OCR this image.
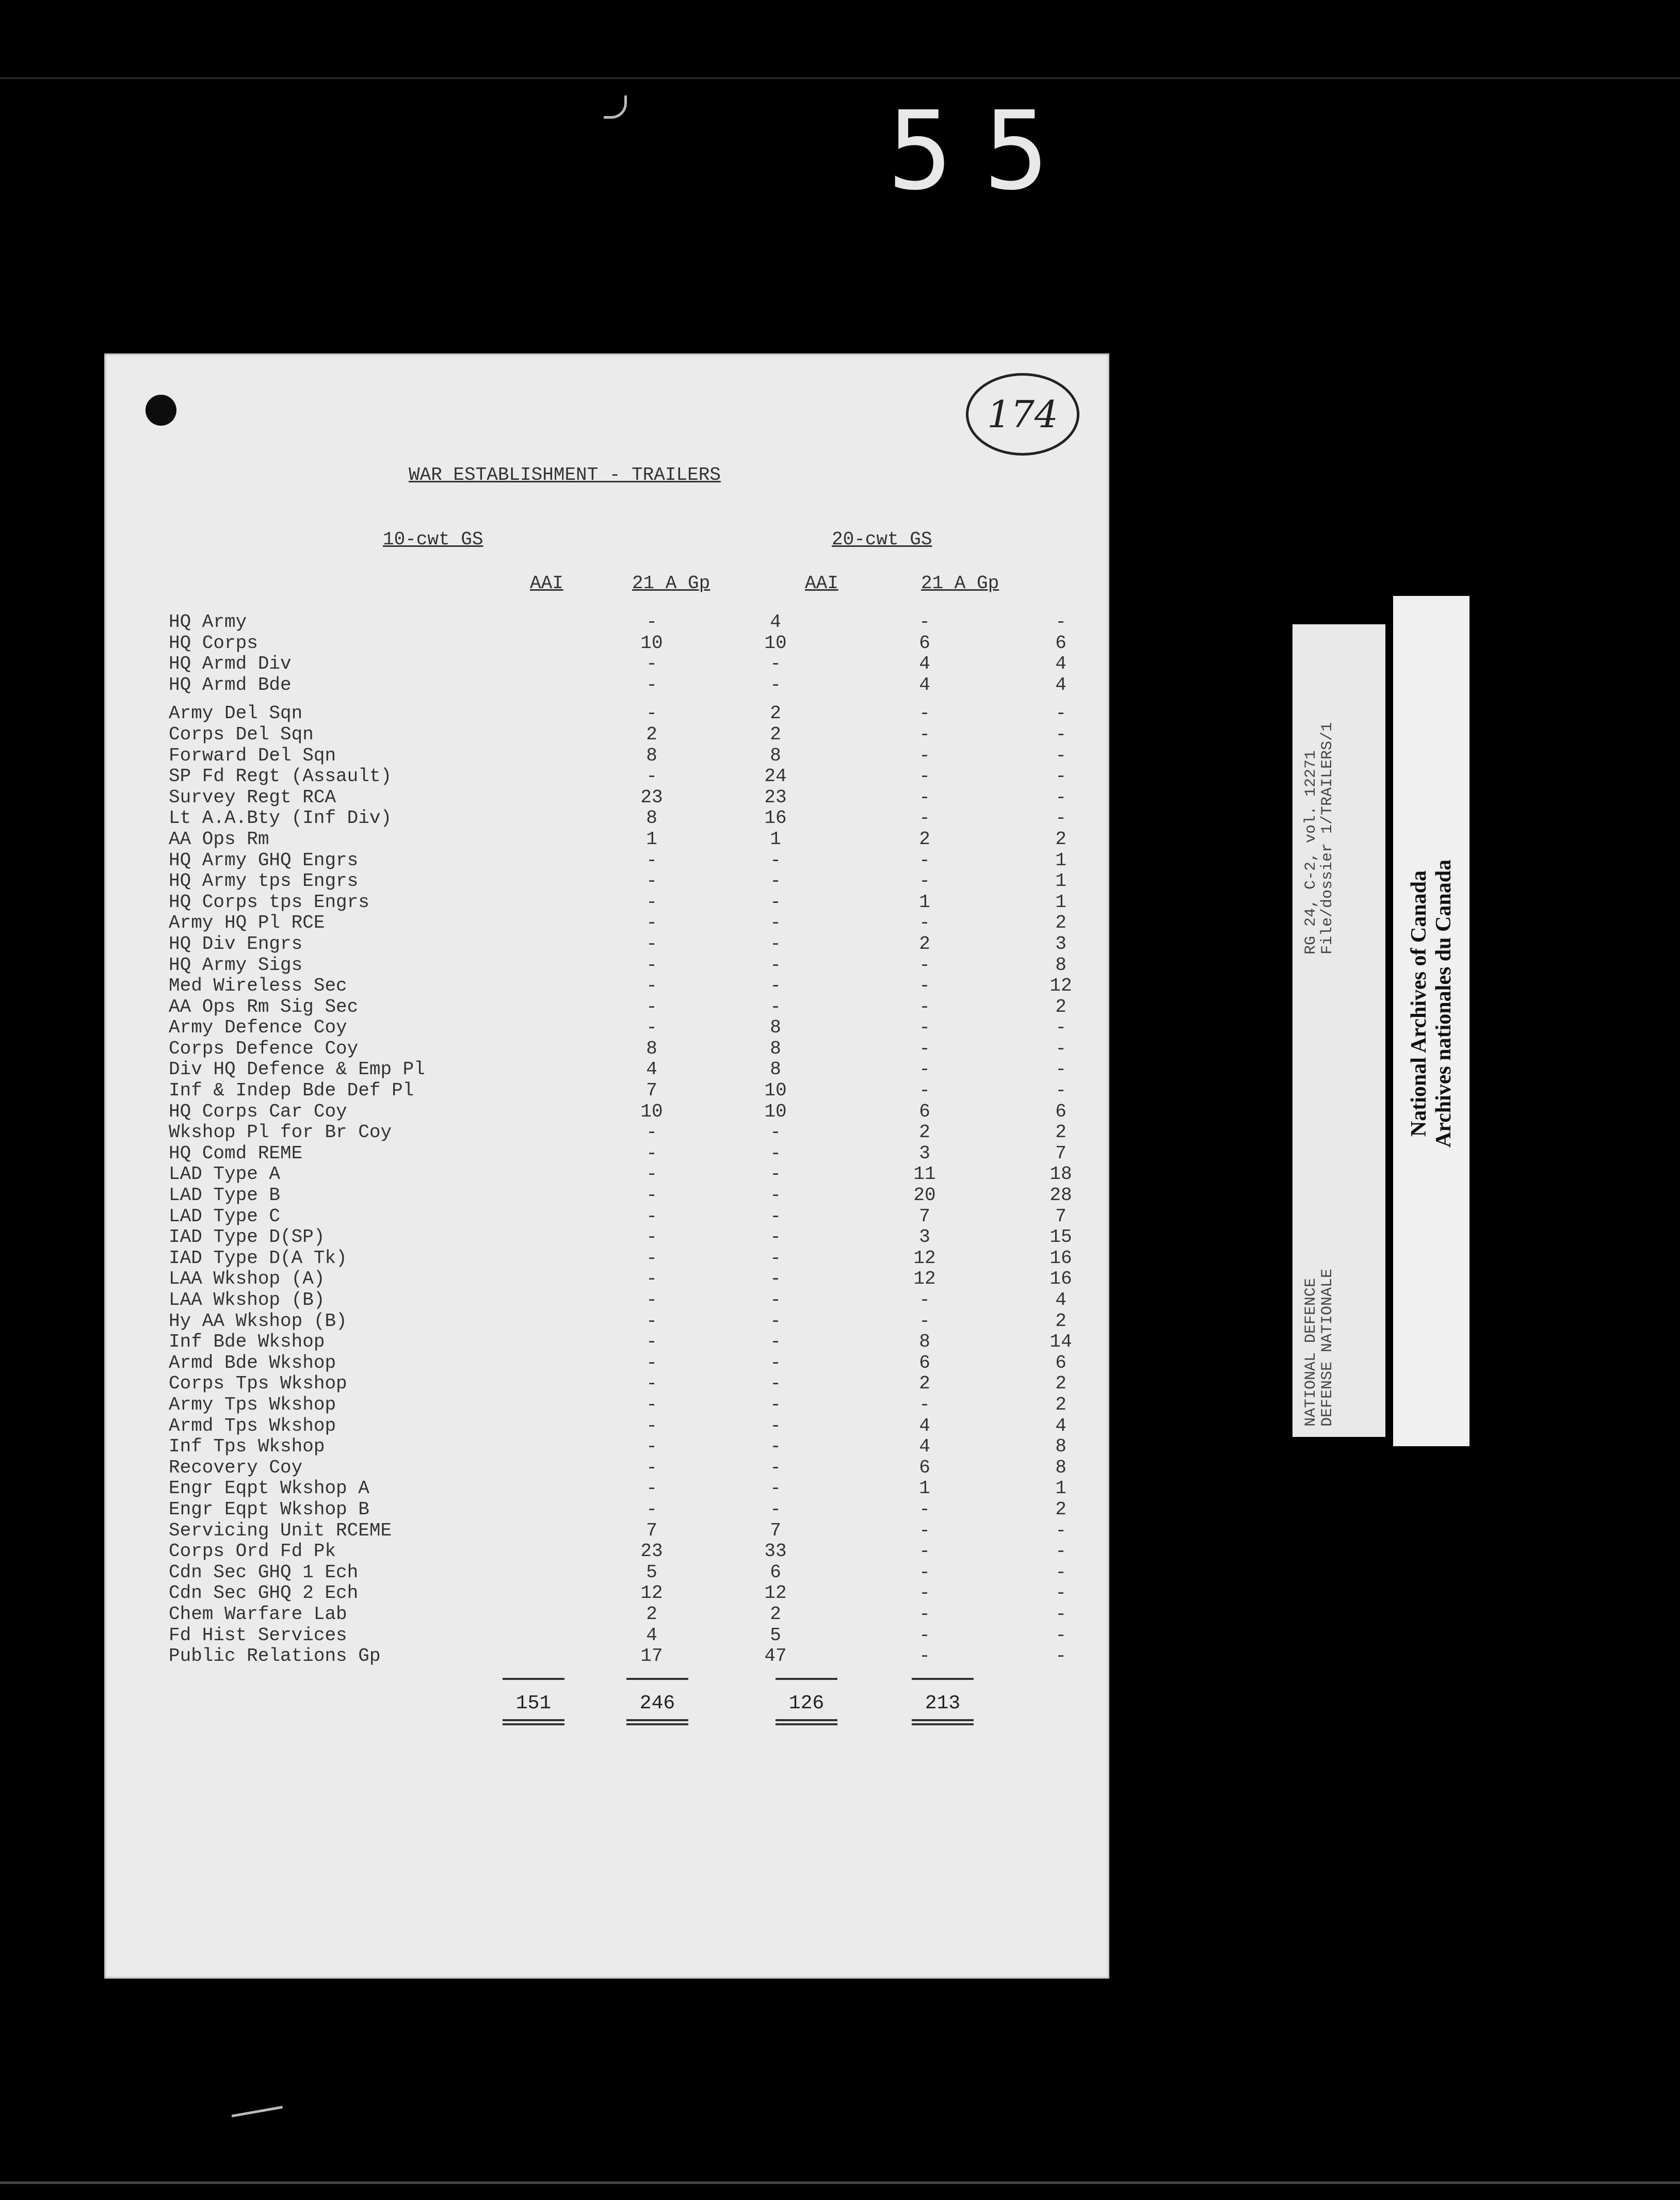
55
174
WAR ESTABLISHMENT - TRAILERS
10-cwt GS	20-cwt GS
AAI	21 A Gp	AAI	21 A Gp
HQ Army	-	4	-	-
HQ Corps	10	10	6	6
HQ Armd Div	-	-	4	4
HQ Armd Bde	-	-	4	4
Army Del Sqn	-	2	-	-
Corps Del Sqn	2	2	-	-
Forward Del Sqn	8	8	-	-
SP Fd Regt (Assault)	-	24	-	-
Survey Regt RCA	23	23	-	-
Lt A.A.Bty (Inf Div)	8	16	-	-
AA Ops Rm	1	1	2	2
HQ Army GHQ Engrs	-	-	-	1
HQ Army tps Engrs	-	-	-	1
HQ Corps tps Engrs	-	-	1	1
Army HQ Pl RCE	-	-	-	2
HQ Div Engrs	-	-	2	3
HQ Army Sigs	-	-	-	8
Med Wireless Sec	-	-	-	12
AA Ops Rm Sig Sec	-	-	-	2
Army Defence Coy	-	8	-	-
Corps Defence Coy	8	8	-	-
Div HQ Defence & Emp Pl	4	8	-	-
Inf & Indep Bde Def Pl	7	10	-	-
HQ Corps Car Coy	10	10	6	6
Wkshop Pl for Br Coy	-	-	2	2
HQ Comd REME	-	-	3	7
LAD Type A	-	-	11	18
LAD Type B	-	-	20	28
LAD Type C	-	-	7	7
IAD Type D(SP)	-	-	3	15
IAD Type D(A Tk)	-	-	12	16
LAA Wkshop (A)	-	-	12	16
LAA Wkshop (B)	-	-	-	4
Hy AA Wkshop (B)	-	-	-	2
Inf Bde Wkshop	-	-	8	14
Armd Bde Wkshop	-	-	6	6
Corps Tps Wkshop	-	-	2	2
Army Tps Wkshop	-	-	-	2
Armd Tps Wkshop	-	-	4	4
Inf Tps Wkshop	-	-	4	8
Recovery Coy	-	-	6	8
Engr Eqpt Wkshop A	-	-	1	1
Engr Eqpt Wkshop B	-	-	-	2
Servicing Unit RCEME	7	7	-	-
Corps Ord Fd Pk	23	33	-	-
Cdn Sec GHQ 1 Ech	5	6	-	-
Cdn Sec GHQ 2 Ech	12	12	-	-
Chem Warfare Lab	2	2	-	-
Fd Hist Services	4	5	-	-
Public Relations Gp	17	47	-	-
151	246	126	213
RG 24, C-2, vol. 12271
File/dossier 1/TRAILERS/1
NATIONAL DEFENCE
DEFENSE NATIONALE
National Archives of Canada
Archives nationales du Canada
